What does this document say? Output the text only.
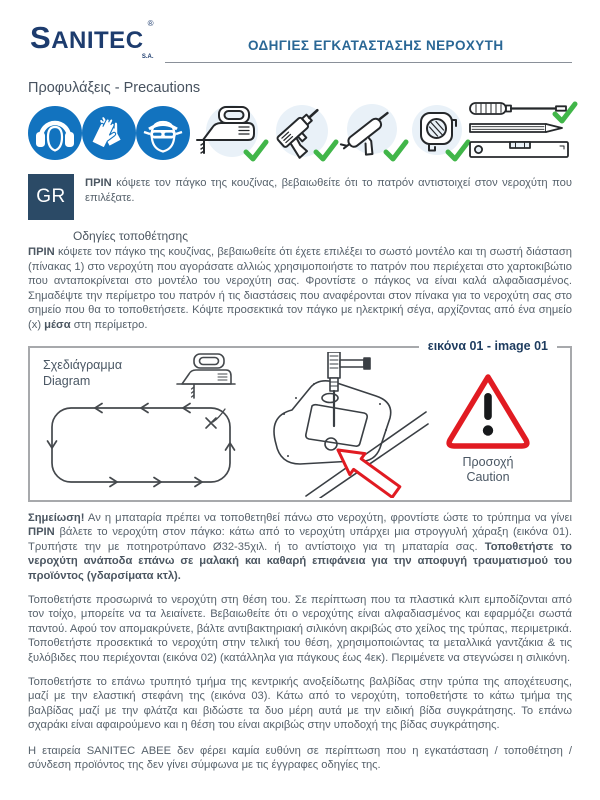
SANITEC
®
S.A.
ΟΔΗΓΙΕΣ ΕΓΚΑΤΑΣΤΑΣΗΣ ΝΕΡΟΧΥΤΗ
Προφυλάξεις - Precautions
GR
ΠΡΙΝ κόψετε τον πάγκο της κουζίνας, βεβαιωθείτε ότι το πατρόν αντιστοιχεί στον νεροχύτη που επιλέξατε.
Οδηγίες τοποθέτησης
ΠΡΙΝ κόψετε τον πάγκο της κουζίνας, βεβαιωθείτε ότι έχετε επιλέξει το σωστό μοντέλο και τη σωστή διάσταση (πίνακας 1) στο νεροχύτη που αγοράσατε αλλιώς χρησιμοποιήστε το πατρόν που περιέχεται στο χαρτοκιβώτιο που ανταποκρίνεται στο μοντέλο του νεροχύτη σας. Φροντίστε ο πάγκος να είναι καλά αλφαδιασμένος. Σημαδέψτε την περίμετρο του πατρόν ή τις διαστάσεις που αναφέρονται στον πίνακα για το νεροχύτη σας στο σημείο που θα το τοποθετήσετε. Κόψτε προσεκτικά τον πάγκο με ηλεκτρική σέγα, αρχίζοντας από ένα σημείο (x) μέσα στη περίμετρο.
εικόνα 01 - image 01
Σχεδιάγραμμα
Diagram
Προσοχή
Caution
Σημείωση! Αν η μπαταρία πρέπει να τοποθετηθεί πάνω στο νεροχύτη, φροντίστε ώστε το τρύπημα να γίνει ΠΡΙΝ βάλετε το νεροχύτη στον πάγκο: κάτω από το νεροχύτη υπάρχει μια στρογγυλή χάραξη (εικόνα 01). Τρυπήστε την με ποτηροτρύπανο Ø32-35χιλ. ή το αντίστοιχο για τη μπαταρία σας. Τοποθετήστε το νεροχύτη ανάποδα επάνω σε μαλακή και καθαρή επιφάνεια για την αποφυγή τραυματισμού του προϊόντος (γδαρσίματα κτλ).
Τοποθετήστε προσωρινά το νεροχύτη στη θέση του. Σε περίπτωση που τα πλαστικά κλιπ εμποδίζονται από τον τοίχο, μπορείτε να τα λειαίνετε. Βεβαιωθείτε ότι ο νεροχύτης είναι αλφαδιασμένος και εφαρμόζει σωστά παντού. Αφού τον απομακρύνετε, βάλτε αντιβακτηριακή σιλικόνη ακριβώς στο χείλος της τρύπας, περιμετρικά. Τοποθετήστε προσεκτικά το νεροχύτη στην τελική του θέση, χρησιμοποιώντας τα μεταλλικά γαντζάκια & τις ξυλόβιδες που περιέχονται (εικόνα 02) (κατάλληλα για πάγκους έως 4εκ). Περιμένετε να στεγνώσει η σιλικόνη.
Τοποθετήστε το επάνω τρυπητό τμήμα της κεντρικής ανοξείδωτης βαλβίδας στην τρύπα της αποχέτευσης, μαζί με την ελαστική στεφάνη της (εικόνα 03). Κάτω από το νεροχύτη, τοποθετήστε το κάτω τμήμα της βαλβίδας μαζί με την φλάτζα και βιδώστε τα δυο μέρη αυτά με την ειδική βίδα συγκράτησης. Το επάνω σχαράκι είναι αφαιρούμενο και η θέση του είναι ακριβώς στην υποδοχή της βίδας συγκράτησης.
Η εταιρεία SANITEC ΑΒΕΕ δεν φέρει καμία ευθύνη σε περίπτωση που η εγκατάσταση / τοποθέτηση / σύνδεση προϊόντος της δεν γίνει σύμφωνα με τις έγγραφες οδηγίες της.
